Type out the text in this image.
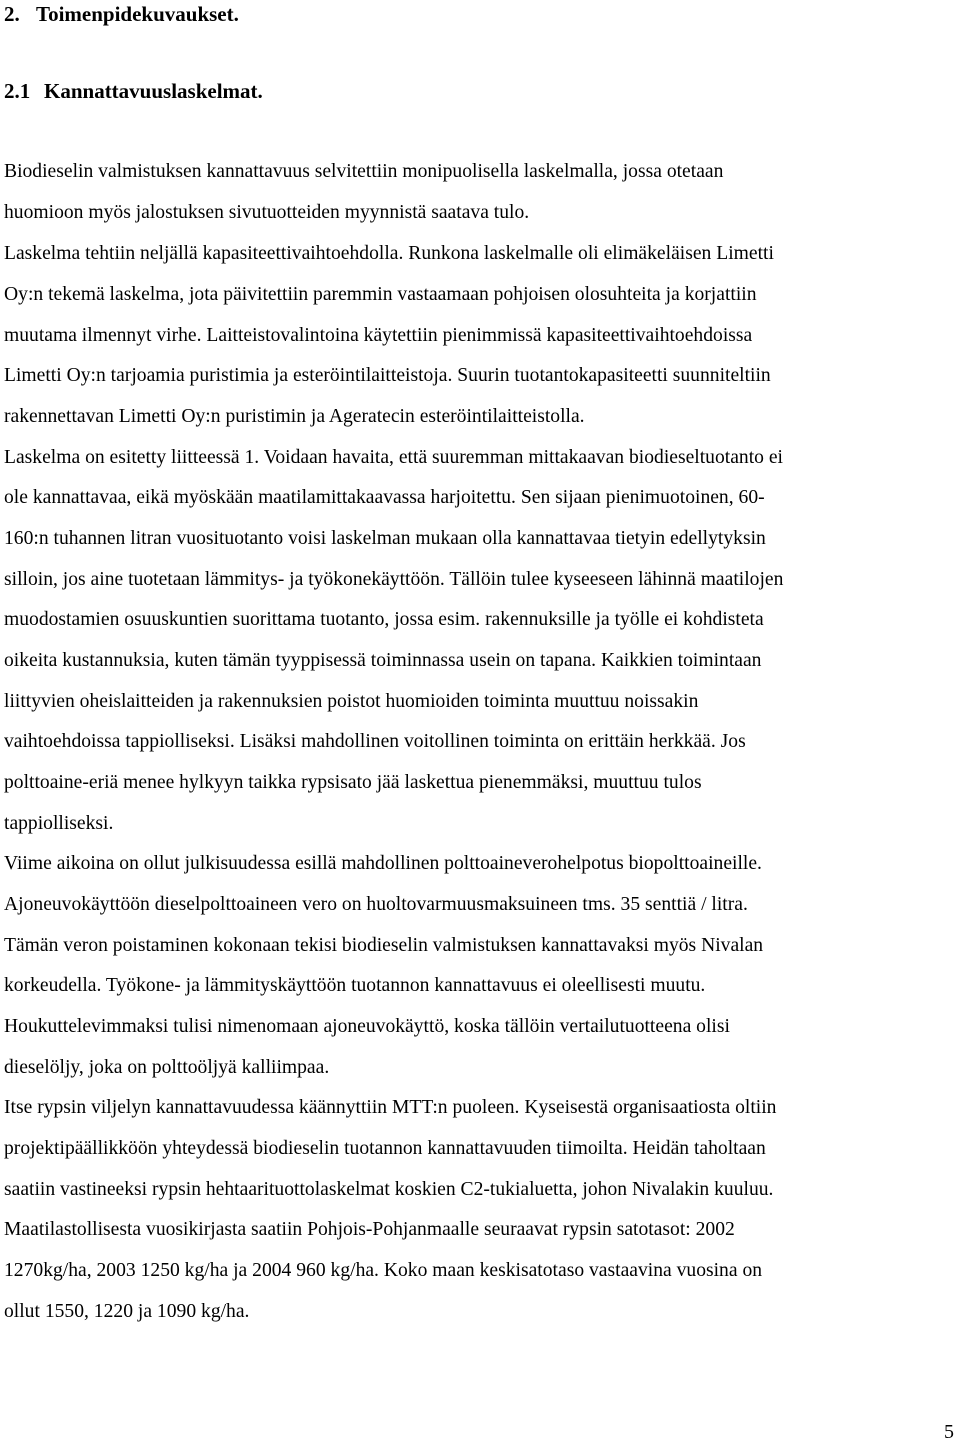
2. Toimenpidekuvaukset.
2.1 Kannattavuuslaskelmat.

Biodieselin valmistuksen kannattavuus selvitettiin monipuolisella laskelmalla, jossa otetaan

huomioon myös jalostuksen sivutuotteiden myynnistä saatava tulo.

Laskelma tehtiin neljällä kapasiteettivaihtoehdolla. Runkona laskelmalle oli elimäkeläisen Limetti

Oy:n tekemä laskelma, jota päivitettiin paremmin vastaamaan pohjoisen olosuhteita ja korjattiin

muutama ilmennyt virhe. Laitteistovalintoina käytettiin pienimmissä kapasiteettivaihtoehdoissa

Limetti Oy:n tarjoamia puristimia ja esteröintilaitteistoja. Suurin tuotantokapasiteetti suunniteltiin

rakennettavan Limetti Oy:n puristimin ja Ageratecin esteröintilaitteistolla.

Laskelma on esitetty liitteessä 1. Voidaan havaita, että suuremman mittakaavan biodieseltuotanto ei

ole kannattavaa, eikä myöskään maatilamittakaavassa harjoitettu. Sen sijaan pienimuotoinen, 60-

160:n tuhannen litran vuosituotanto voisi laskelman mukaan olla kannattavaa tietyin edellytyksin

silloin, jos aine tuotetaan lämmitys- ja työkonekäyttöön. Tällöin tulee kyseeseen lähinnä maatilojen

muodostamien osuuskuntien suorittama tuotanto, jossa esim. rakennuksille ja työlle ei kohdisteta

oikeita kustannuksia, kuten tämän tyyppisessä toiminnassa usein on tapana. Kaikkien toimintaan

liittyvien oheislaitteiden ja rakennuksien poistot huomioiden toiminta muuttuu noissakin

vaihtoehdoissa tappiolliseksi. Lisäksi mahdollinen voitollinen toiminta on erittäin herkkää. Jos

polttoaine-eriä menee hylkyyn taikka rypsisato jää laskettua pienemmäksi, muuttuu tulos

tappiolliseksi.

Viime aikoina on ollut julkisuudessa esillä mahdollinen polttoaineverohelpotus biopolttoaineille.

Ajoneuvokäyttöön dieselpolttoaineen vero on huoltovarmuusmaksuineen tms. 35 senttiä / litra.

Tämän veron poistaminen kokonaan tekisi biodieselin valmistuksen kannattavaksi myös Nivalan

korkeudella. Työkone- ja lämmityskäyttöön tuotannon kannattavuus ei oleellisesti muutu.

Houkuttelevimmaksi tulisi nimenomaan ajoneuvokäyttö, koska tällöin vertailutuotteena olisi

dieselöljy, joka on polttoöljyä kalliimpaa.

Itse rypsin viljelyn kannattavuudessa käännyttiin MTT:n puoleen. Kyseisestä organisaatiosta oltiin

projektipäällikköön yhteydessä biodieselin tuotannon kannattavuuden tiimoilta. Heidän taholtaan

saatiin vastineeksi rypsin hehtaarituottolaskelmat koskien C2-tukialuetta, johon Nivalakin kuuluu.

Maatilastollisesta vuosikirjasta saatiin Pohjois-Pohjanmaalle seuraavat rypsin satotasot: 2002

1270kg/ha, 2003 1250 kg/ha ja 2004 960 kg/ha. Koko maan keskisatotaso vastaavina vuosina on

ollut 1550, 1220 ja 1090 kg/ha.

5
